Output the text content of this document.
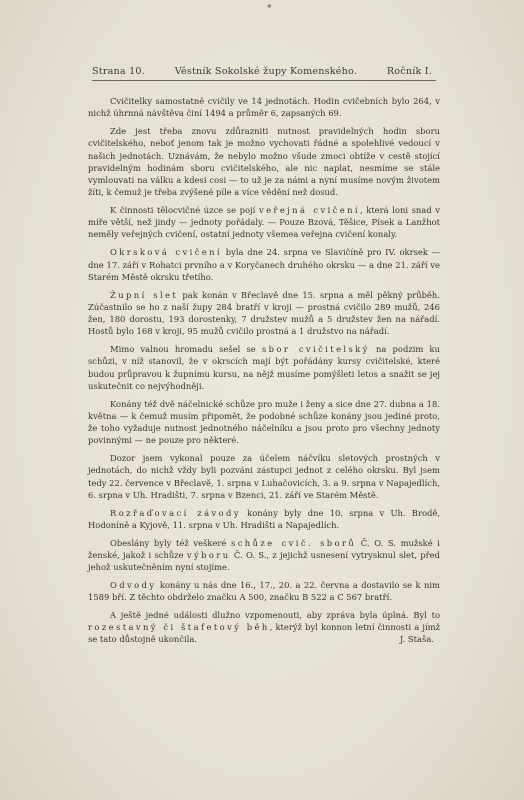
*
Strana 10.	Věstník Sokolské župy Komenského.	Ročník I.

Cvičitelky samostatně cvičily ve 14 jednotách. Hodin cvičebních bylo 264, v nichž úhrnná návštěva činí 1494 a průměr 6, zapsaných 69.

Zde jest třeba znovu zdůrazniti nutnost pravidelných hodin sboru cvičitelského, neboť jenom tak je možno vychovati řádné a spolehlivé vedoucí v našich jednotách. Uznávám, že nebylo možno všude zmoci obtíže v cestě stojící pravidelným hodinám sboru cvičitelského, ale nic naplat, nesmíme se stále vymlouvati na válku a kdesi cosi — to už je za námi a nyní musíme novým životem žíti, k čemuž je třeba zvýšené píle a více vědění než dosud.

K činnosti tělocvičné úzce se pojí veřejná cvičení, která loni snad v míře větší, než jindy — jednoty pořádaly. — Pouze Bzová, Těšice, Písek a Lanžhot neměly veřejných cvičení, ostatní jednoty všemea veřejna cvičení konaly.

Okrsková cvičení byla dne 24. srpna ve Slavičíně pro IV. okrsek — dne 17. září v Rohatci prvního a v Koryčanech druhého okrsku — a dne 21. září ve Starém Městě okrsku třetího.

Župní slet pak konán v Břeclavě dne 15. srpna a měl pěkný průběh. Zúčastnilo se ho z naší župy 284 bratří v kroji — prostná cvičilo 289 mužů, 246 žen, 180 dorostu, 193 dorostenky, 7 družstev mužů a 5 družstev žen na nářadí. Hostů bylo 168 v kroji, 95 mužů cvičilo prostná a 1 družstvo na nářadí.

Mimo valnou hromadu sešel se sbor cvičitelský na podzim ku schůzi, v níž stanovil, že v okrscích mají být pořádány kursy cvičitelské, které budou průpravou k župnímu kursu, na nějž musíme pomýšleti letos a snažit se jej uskutečnit co nejvýhodněji.

Konány též dvě náčelnické schůze pro muže i ženy a sice dne 27. dubna a 18. května — k čemuž musím připomět, že podobné schůze konány jsou jediné proto, že toho vyžaduje nutnost jednotného náčelníku a jsou proto pro všechny jednoty povinnými — ne pouze pro některé.

Dozor jsem vykonal pouze za účelem náčvíku sletových prostných v jednotách, do nichž vždy byli pozváni zástupci jednot z celého okrsku. Byl jsem tedy 22. července v Břeclavě, 1. srpna v Luhačovicích, 3. a 9. srpna v Napajedlích, 6. srpna v Uh. Hradišti, 7. srpna v Bzenci, 21. září ve Starém Městě.

Rozřaďovací závody konány byly dne 10. srpna v Uh. Brodě, Hodoníně a Kyjově, 11. srpna v Uh. Hradišti a Napajedlích.

Obeslány byly též veškeré schůze cvič. sborů Č. O. S. mužské i ženské, jakož i schůze výboru Č. O. S., z jejichž usnesení vytrysknul slet, před jehož uskutečněním nyní stojíme.

Odvody konány u nás dne 16., 17., 20. a 22. června a dostavilo se k nim 1589 bří. Z těchto obdrželo značku A 500, značku B 522 a C 567 bratří.

A ještě jedné události dlužno vzpomenouti, aby zpráva byla úplná. Byl to rozestavný či štafetový běh, kterýž byl konnon letní činnosti a jímž se tato důstojně ukončila.	J. Staša.
